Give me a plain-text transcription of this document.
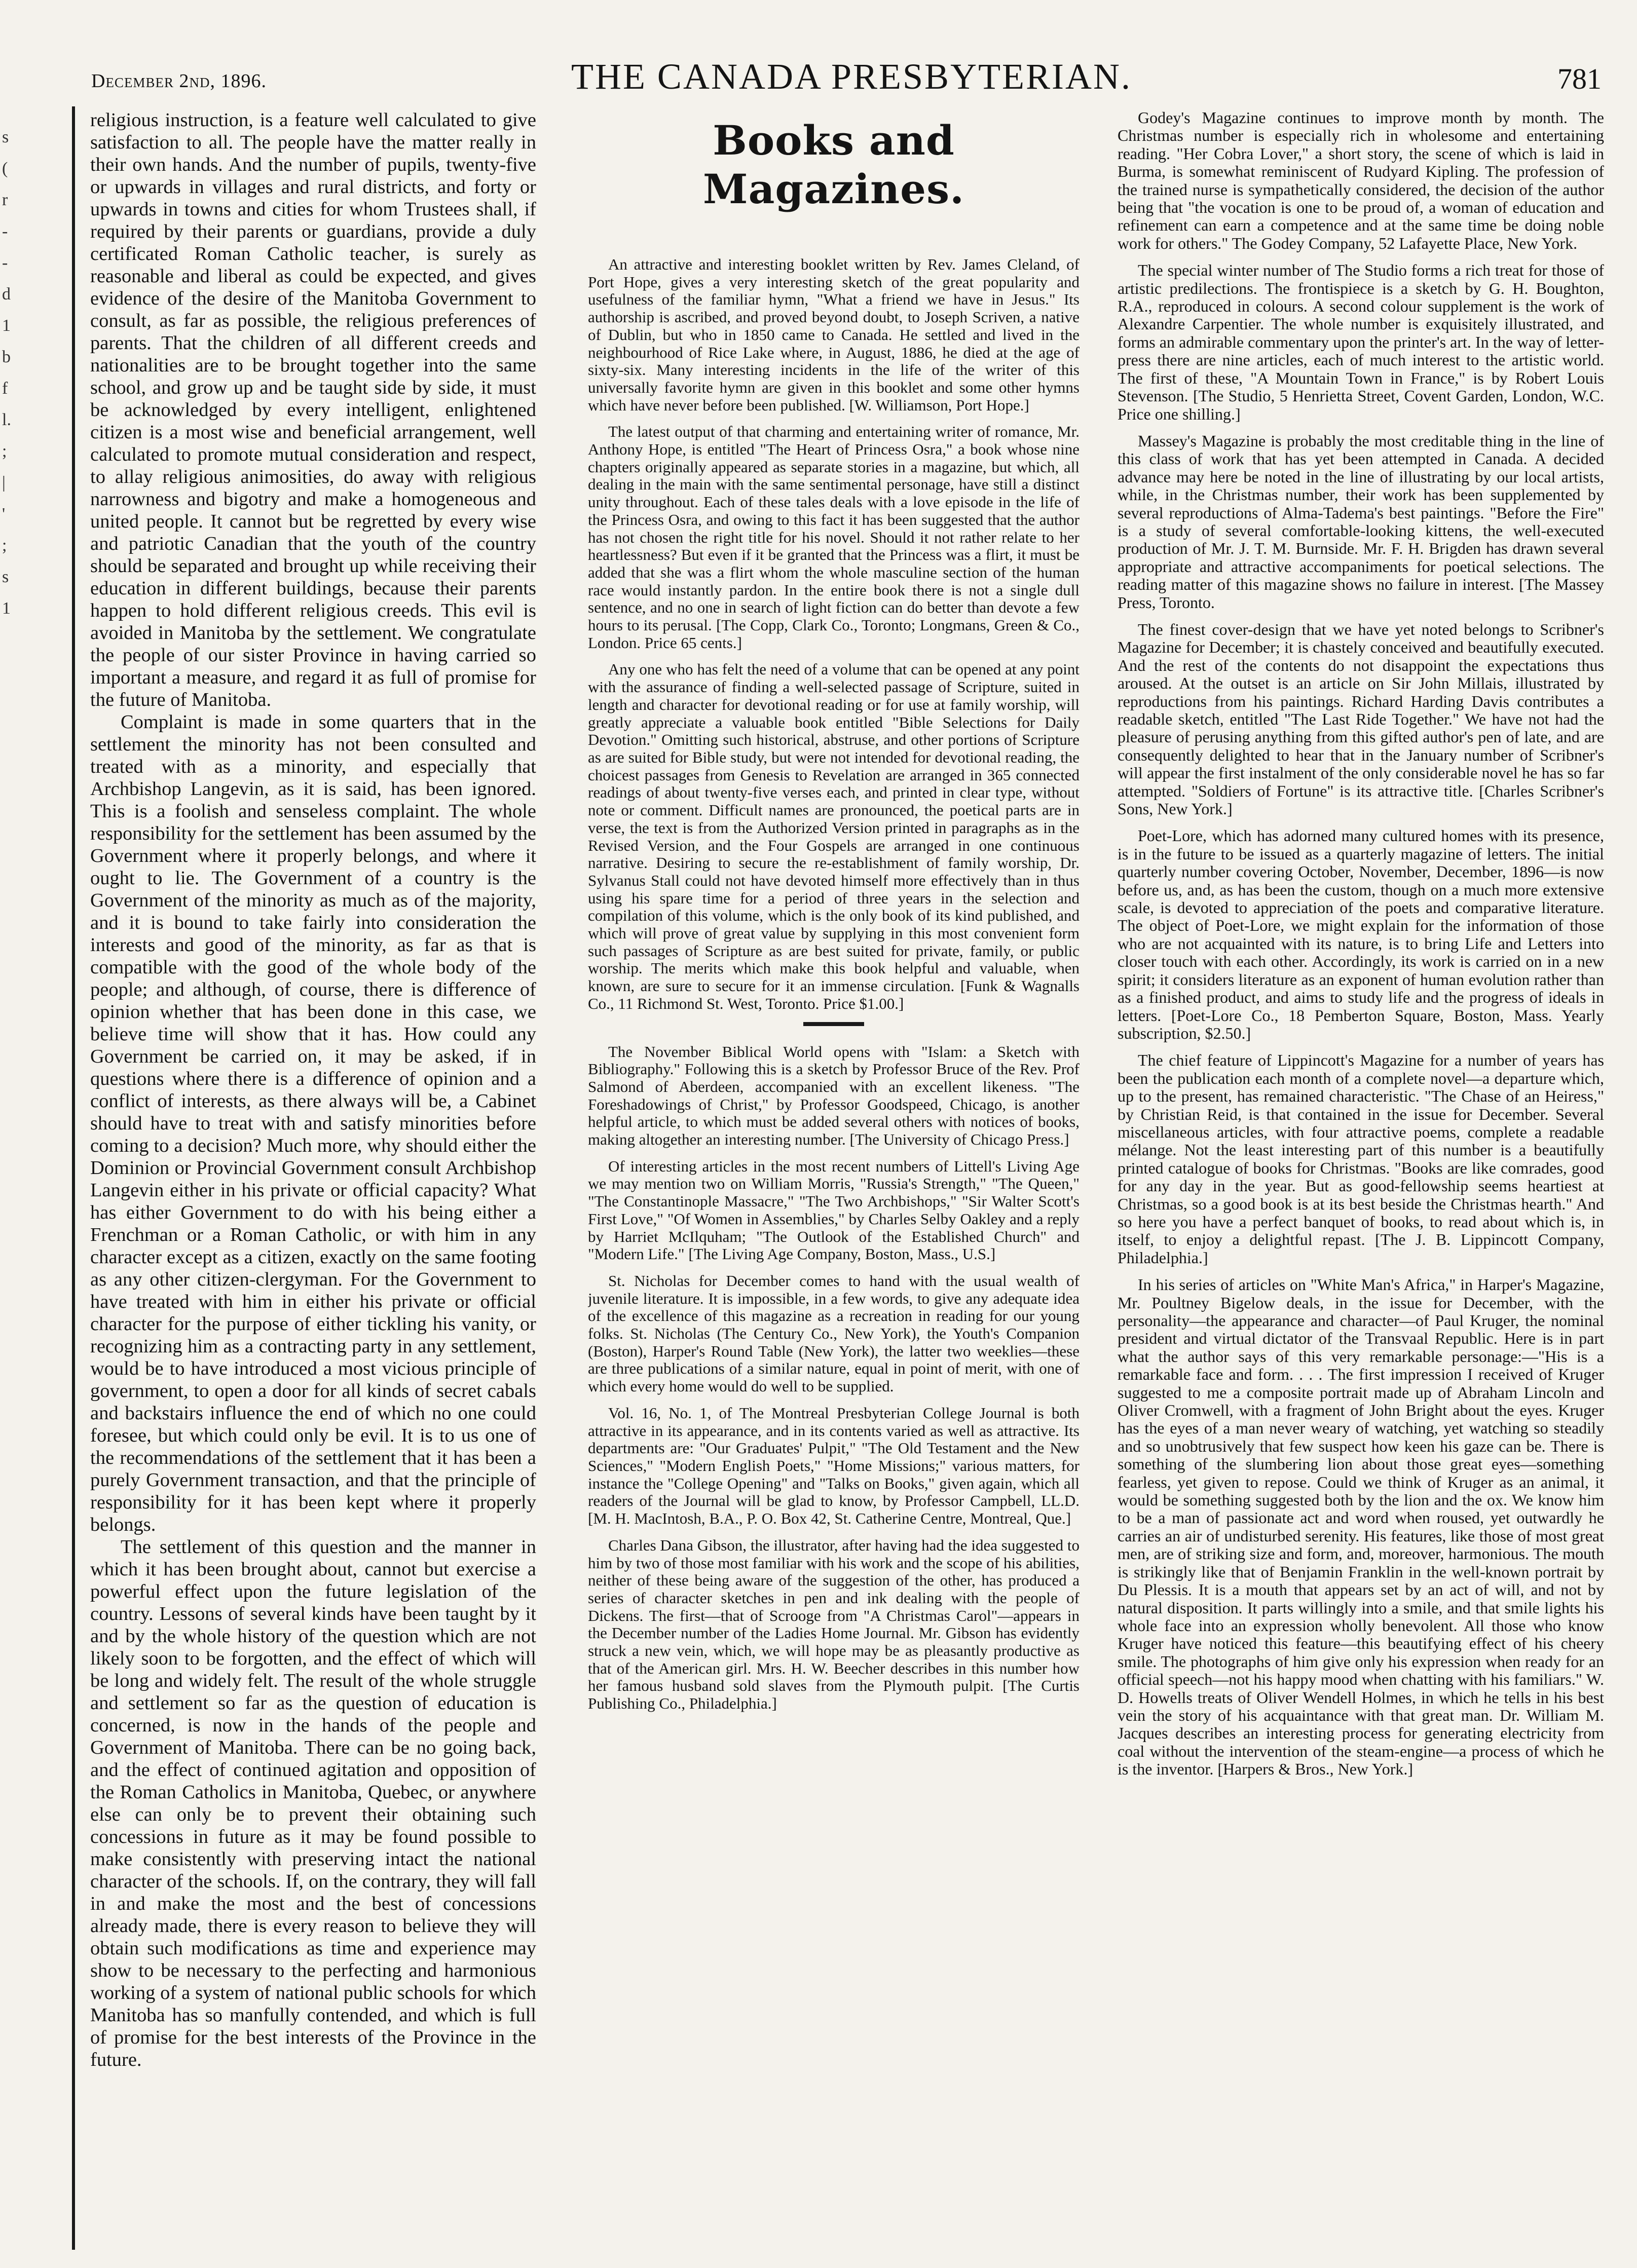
s
(
r
-
-
d
1
b
f
l.
;
|
'
;
s
1
December 2nd, 1896.	THE CANADA PRESBYTERIAN.	781

religious instruction, is a feature well calculated to give satisfaction to all. The people have the matter really in their own hands. And the number of pupils, twenty-five or upwards in villages and rural districts, and forty or upwards in towns and cities for whom Trustees shall, if required by their parents or guardians, provide a duly certificated Roman Catholic teacher, is surely as reasonable and liberal as could be expected, and gives evidence of the desire of the Manitoba Government to consult, as far as possible, the religious preferences of parents. That the children of all different creeds and nationalities are to be brought together into the same school, and grow up and be taught side by side, it must be acknowledged by every intelligent, enlightened citizen is a most wise and beneficial arrangement, well calculated to promote mutual consideration and respect, to allay religious animosities, do away with religious narrowness and bigotry and make a homogeneous and united people. It cannot but be regretted by every wise and patriotic Canadian that the youth of the country should be separated and brought up while receiving their education in different buildings, because their parents happen to hold different religious creeds. This evil is avoided in Manitoba by the settlement. We congratulate the people of our sister Province in having carried so important a measure, and regard it as full of promise for the future of Manitoba.

Complaint is made in some quarters that in the settlement the minority has not been consulted and treated with as a minority, and especially that Archbishop Langevin, as it is said, has been ignored. This is a foolish and senseless complaint. The whole responsibility for the settlement has been assumed by the Government where it properly belongs, and where it ought to lie. The Government of a country is the Government of the minority as much as of the majority, and it is bound to take fairly into consideration the interests and good of the minority, as far as that is compatible with the good of the whole body of the people; and although, of course, there is difference of opinion whether that has been done in this case, we believe time will show that it has. How could any Government be carried on, it may be asked, if in questions where there is a difference of opinion and a conflict of interests, as there always will be, a Cabinet should have to treat with and satisfy minorities before coming to a decision? Much more, why should either the Dominion or Provincial Government consult Archbishop Langevin either in his private or official capacity? What has either Government to do with his being either a Frenchman or a Roman Catholic, or with him in any character except as a citizen, exactly on the same footing as any other citizen-clergyman. For the Government to have treated with him in either his private or official character for the purpose of either tickling his vanity, or recognizing him as a contracting party in any settlement, would be to have introduced a most vicious principle of government, to open a door for all kinds of secret cabals and backstairs influence the end of which no one could foresee, but which could only be evil. It is to us one of the recommendations of the settlement that it has been a purely Government transaction, and that the principle of responsibility for it has been kept where it properly belongs.

The settlement of this question and the manner in which it has been brought about, cannot but exercise a powerful effect upon the future legislation of the country. Lessons of several kinds have been taught by it and by the whole history of the question which are not likely soon to be forgotten, and the effect of which will be long and widely felt. The result of the whole struggle and settlement so far as the question of education is concerned, is now in the hands of the people and Government of Manitoba. There can be no going back, and the effect of continued agitation and opposition of the Roman Catholics in Manitoba, Quebec, or anywhere else can only be to prevent their obtaining such concessions in future as it may be found possible to make consistently with preserving intact the national character of the schools. If, on the contrary, they will fall in and make the most and the best of concessions already made, there is every reason to believe they will obtain such modifications as time and experience may show to be necessary to the perfecting and harmonious working of a system of national public schools for which Manitoba has so manfully contended, and which is full of promise for the best interests of the Province in the future.

Books and Magazines.

An attractive and interesting booklet written by Rev. James Cleland, of Port Hope, gives a very interesting sketch of the great popularity and usefulness of the familiar hymn, "What a friend we have in Jesus." Its authorship is ascribed, and proved beyond doubt, to Joseph Scriven, a native of Dublin, but who in 1850 came to Canada. He settled and lived in the neighbourhood of Rice Lake where, in August, 1886, he died at the age of sixty-six. Many interesting incidents in the life of the writer of this universally favorite hymn are given in this booklet and some other hymns which have never before been published. [W. Williamson, Port Hope.]

The latest output of that charming and entertaining writer of romance, Mr. Anthony Hope, is entitled "The Heart of Princess Osra," a book whose nine chapters originally appeared as separate stories in a magazine, but which, all dealing in the main with the same sentimental personage, have still a distinct unity throughout. Each of these tales deals with a love episode in the life of the Princess Osra, and owing to this fact it has been suggested that the author has not chosen the right title for his novel. Should it not rather relate to her heartlessness? But even if it be granted that the Princess was a flirt, it must be added that she was a flirt whom the whole masculine section of the human race would instantly pardon. In the entire book there is not a single dull sentence, and no one in search of light fiction can do better than devote a few hours to its perusal. [The Copp, Clark Co., Toronto; Longmans, Green & Co., London. Price 65 cents.]

Any one who has felt the need of a volume that can be opened at any point with the assurance of finding a well-selected passage of Scripture, suited in length and character for devotional reading or for use at family worship, will greatly appreciate a valuable book entitled "Bible Selections for Daily Devotion." Omitting such historical, abstruse, and other portions of Scripture as are suited for Bible study, but were not intended for devotional reading, the choicest passages from Genesis to Revelation are arranged in 365 connected readings of about twenty-five verses each, and printed in clear type, without note or comment. Difficult names are pronounced, the poetical parts are in verse, the text is from the Authorized Version printed in paragraphs as in the Revised Version, and the Four Gospels are arranged in one continuous narrative. Desiring to secure the re-establishment of family worship, Dr. Sylvanus Stall could not have devoted himself more effectively than in thus using his spare time for a period of three years in the selection and compilation of this volume, which is the only book of its kind published, and which will prove of great value by supplying in this most convenient form such passages of Scripture as are best suited for private, family, or public worship. The merits which make this book helpful and valuable, when known, are sure to secure for it an immense circulation. [Funk & Wagnalls Co., 11 Richmond St. West, Toronto. Price $1.00.]

The November Biblical World opens with "Islam: a Sketch with Bibliography." Following this is a sketch by Professor Bruce of the Rev. Prof Salmond of Aberdeen, accompanied with an excellent likeness. "The Foreshadowings of Christ," by Professor Goodspeed, Chicago, is another helpful article, to which must be added several others with notices of books, making altogether an interesting number. [The University of Chicago Press.]

Of interesting articles in the most recent numbers of Littell's Living Age we may mention two on William Morris, "Russia's Strength," "The Queen," "The Constantinople Massacre," "The Two Archbishops," "Sir Walter Scott's First Love," "Of Women in Assemblies," by Charles Selby Oakley and a reply by Harriet McIlquham; "The Outlook of the Established Church" and "Modern Life." [The Living Age Company, Boston, Mass., U.S.]

St. Nicholas for December comes to hand with the usual wealth of juvenile literature. It is impossible, in a few words, to give any adequate idea of the excellence of this magazine as a recreation in reading for our young folks. St. Nicholas (The Century Co., New York), the Youth's Companion (Boston), Harper's Round Table (New York), the latter two weeklies—these are three publications of a similar nature, equal in point of merit, with one of which every home would do well to be supplied.

Vol. 16, No. 1, of The Montreal Presbyterian College Journal is both attractive in its appearance, and in its contents varied as well as attractive. Its departments are: "Our Graduates' Pulpit," "The Old Testament and the New Sciences," "Modern English Poets," "Home Missions;" various matters, for instance the "College Opening" and "Talks on Books," given again, which all readers of the Journal will be glad to know, by Professor Campbell, LL.D. [M. H. MacIntosh, B.A., P. O. Box 42, St. Catherine Centre, Montreal, Que.]

Charles Dana Gibson, the illustrator, after having had the idea suggested to him by two of those most familiar with his work and the scope of his abilities, neither of these being aware of the suggestion of the other, has produced a series of character sketches in pen and ink dealing with the people of Dickens. The first—that of Scrooge from "A Christmas Carol"—appears in the December number of the Ladies Home Journal. Mr. Gibson has evidently struck a new vein, which, we will hope may be as pleasantly productive as that of the American girl. Mrs. H. W. Beecher describes in this number how her famous husband sold slaves from the Plymouth pulpit. [The Curtis Publishing Co., Philadelphia.]

Godey's Magazine continues to improve month by month. The Christmas number is especially rich in wholesome and entertaining reading. "Her Cobra Lover," a short story, the scene of which is laid in Burma, is somewhat reminiscent of Rudyard Kipling. The profession of the trained nurse is sympathetically considered, the decision of the author being that "the vocation is one to be proud of, a woman of education and refinement can earn a competence and at the same time be doing noble work for others." The Godey Company, 52 Lafayette Place, New York.

The special winter number of The Studio forms a rich treat for those of artistic predilections. The frontispiece is a sketch by G. H. Boughton, R.A., reproduced in colours. A second colour supplement is the work of Alexandre Carpentier. The whole number is exquisitely illustrated, and forms an admirable commentary upon the printer's art. In the way of letter-press there are nine articles, each of much interest to the artistic world. The first of these, "A Mountain Town in France," is by Robert Louis Stevenson. [The Studio, 5 Henrietta Street, Covent Garden, London, W.C. Price one shilling.]

Massey's Magazine is probably the most creditable thing in the line of this class of work that has yet been attempted in Canada. A decided advance may here be noted in the line of illustrating by our local artists, while, in the Christmas number, their work has been supplemented by several reproductions of Alma-Tadema's best paintings. "Before the Fire" is a study of several comfortable-looking kittens, the well-executed production of Mr. J. T. M. Burnside. Mr. F. H. Brigden has drawn several appropriate and attractive accompaniments for poetical selections. The reading matter of this magazine shows no failure in interest. [The Massey Press, Toronto.

The finest cover-design that we have yet noted belongs to Scribner's Magazine for December; it is chastely conceived and beautifully executed. And the rest of the contents do not disappoint the expectations thus aroused. At the outset is an article on Sir John Millais, illustrated by reproductions from his paintings. Richard Harding Davis contributes a readable sketch, entitled "The Last Ride Together." We have not had the pleasure of perusing anything from this gifted author's pen of late, and are consequently delighted to hear that in the January number of Scribner's will appear the first instalment of the only considerable novel he has so far attempted. "Soldiers of Fortune" is its attractive title. [Charles Scribner's Sons, New York.]

Poet-Lore, which has adorned many cultured homes with its presence, is in the future to be issued as a quarterly magazine of letters. The initial quarterly number covering October, November, December, 1896—is now before us, and, as has been the custom, though on a much more extensive scale, is devoted to appreciation of the poets and comparative literature. The object of Poet-Lore, we might explain for the information of those who are not acquainted with its nature, is to bring Life and Letters into closer touch with each other. Accordingly, its work is carried on in a new spirit; it considers literature as an exponent of human evolution rather than as a finished product, and aims to study life and the progress of ideals in letters. [Poet-Lore Co., 18 Pemberton Square, Boston, Mass. Yearly subscription, $2.50.]

The chief feature of Lippincott's Magazine for a number of years has been the publication each month of a complete novel—a departure which, up to the present, has remained characteristic. "The Chase of an Heiress," by Christian Reid, is that contained in the issue for December. Several miscellaneous articles, with four attractive poems, complete a readable mélange. Not the least interesting part of this number is a beautifully printed catalogue of books for Christmas. "Books are like comrades, good for any day in the year. But as good-fellowship seems heartiest at Christmas, so a good book is at its best beside the Christmas hearth." And so here you have a perfect banquet of books, to read about which is, in itself, to enjoy a delightful repast. [The J. B. Lippincott Company, Philadelphia.]

In his series of articles on "White Man's Africa," in Harper's Magazine, Mr. Poultney Bigelow deals, in the issue for December, with the personality—the appearance and character—of Paul Kruger, the nominal president and virtual dictator of the Transvaal Republic. Here is in part what the author says of this very remarkable personage:—"His is a remarkable face and form. . . . The first impression I received of Kruger suggested to me a composite portrait made up of Abraham Lincoln and Oliver Cromwell, with a fragment of John Bright about the eyes. Kruger has the eyes of a man never weary of watching, yet watching so steadily and so unobtrusively that few suspect how keen his gaze can be. There is something of the slumbering lion about those great eyes—something fearless, yet given to repose. Could we think of Kruger as an animal, it would be something suggested both by the lion and the ox. We know him to be a man of passionate act and word when roused, yet outwardly he carries an air of undisturbed serenity. His features, like those of most great men, are of striking size and form, and, moreover, harmonious. The mouth is strikingly like that of Benjamin Franklin in the well-known portrait by Du Plessis. It is a mouth that appears set by an act of will, and not by natural disposition. It parts willingly into a smile, and that smile lights his whole face into an expression wholly benevolent. All those who know Kruger have noticed this feature—this beautifying effect of his cheery smile. The photographs of him give only his expression when ready for an official speech—not his happy mood when chatting with his familiars." W. D. Howells treats of Oliver Wendell Holmes, in which he tells in his best vein the story of his acquaintance with that great man. Dr. William M. Jacques describes an interesting process for generating electricity from coal without the intervention of the steam-engine—a process of which he is the inventor. [Harpers & Bros., New York.]
